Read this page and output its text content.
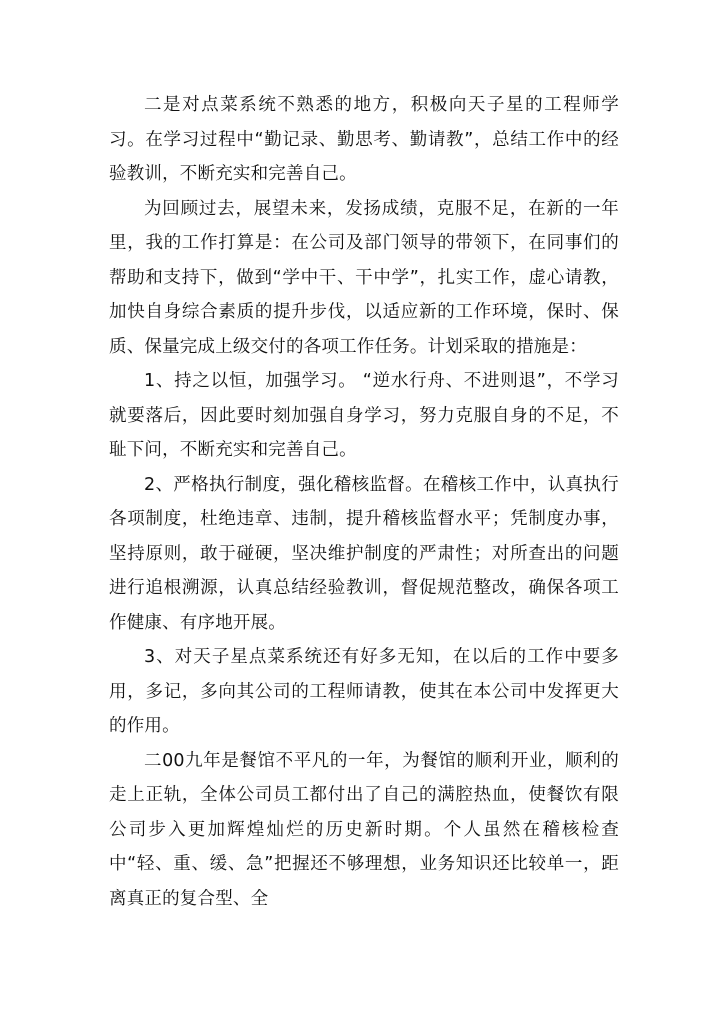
二是对点菜系统不熟悉的地方，积极向天子星的工程师学习。在学习过程中“勤记录、勤思考、勤请教”，总结工作中的经验教训，不断充实和完善自己。

为回顾过去，展望未来，发扬成绩，克服不足，在新的一年里，我的工作打算是：在公司及部门领导的带领下，在同事们的帮助和支持下，做到“学中干、干中学”，扎实工作，虚心请教，加快自身综合素质的提升步伐，以适应新的工作环境，保时、保质、保量完成上级交付的各项工作任务。计划采取的措施是：

1、持之以恒，加强学习。 “逆水行舟、不进则退”，不学习就要落后，因此要时刻加强自身学习，努力克服自身的不足，不耻下问，不断充实和完善自己。

2、严格执行制度，强化稽核监督。在稽核工作中，认真执行各项制度，杜绝违章、违制，提升稽核监督水平；凭制度办事，坚持原则，敢于碰硬，坚决维护制度的严肃性；对所查出的问题进行追根溯源，认真总结经验教训，督促规范整改，确保各项工作健康、有序地开展。

3、对天子星点菜系统还有好多无知，在以后的工作中要多用，多记，多向其公司的工程师请教，使其在本公司中发挥更大的作用。

二00九年是餐馆不平凡的一年，为餐馆的顺利开业，顺利的走上正轨，全体公司员工都付出了自己的满腔热血，使餐饮有限公司步入更加辉煌灿烂的历史新时期。个人虽然在稽核检查中“轻、重、缓、急”把握还不够理想，业务知识还比较单一，距离真正的复合型、全
